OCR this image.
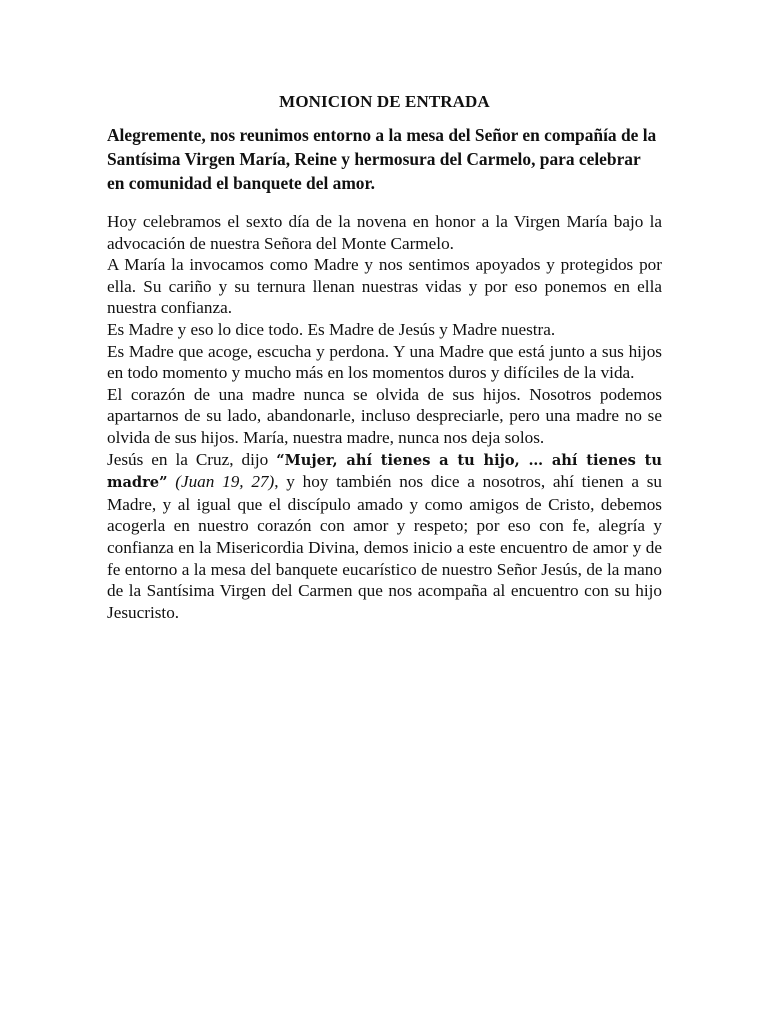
MONICION DE ENTRADA

Alegremente, nos reunimos entorno a la mesa del Señor en compañía de la Santísima Virgen María, Reine y hermosura del Carmelo, para celebrar en comunidad el banquete del amor.

Hoy celebramos el sexto día de la novena en honor a la Virgen María bajo la advocación de nuestra Señora del Monte Carmelo.

A María la invocamos como Madre y nos sentimos apoyados y protegidos por ella. Su cariño y su ternura llenan nuestras vidas y por eso ponemos en ella nuestra confianza.

Es Madre y eso lo dice todo. Es Madre de Jesús y Madre nuestra.

Es Madre que acoge, escucha y perdona. Y una Madre que está junto a sus hijos en todo momento y mucho más en los momentos duros y difíciles de la vida.

El corazón de una madre nunca se olvida de sus hijos. Nosotros podemos apartarnos de su lado, abandonarle, incluso despreciarle, pero una madre no se olvida de sus hijos. María, nuestra madre, nunca nos deja solos.

Jesús en la Cruz, dijo “Mujer, ahí tienes a tu hijo, … ahí tienes tu madre” (Juan 19, 27), y hoy también nos dice a nosotros, ahí tienen a su Madre, y al igual que el discípulo amado y como amigos de Cristo, debemos acogerla en nuestro corazón con amor y respeto; por eso con fe, alegría y confianza en la Misericordia Divina, demos inicio a este encuentro de amor y de fe entorno a la mesa del banquete eucarístico de nuestro Señor Jesús, de la mano de la Santísima Virgen del Carmen que nos acompaña al encuentro con su hijo Jesucristo.
